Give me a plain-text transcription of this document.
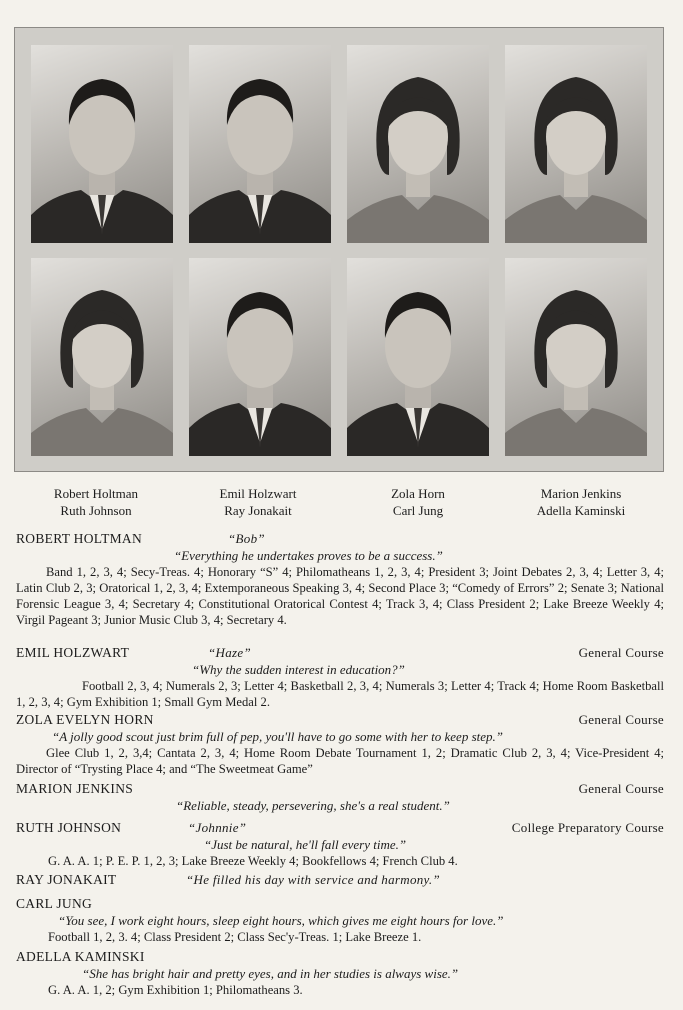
Robert Holtman	Emil Holzwart	Zola Horn	Marion Jenkins
Ruth Johnson	Ray Jonakait	Carl Jung	Adella Kaminski
ROBERT HOLTMAN	“Bob”
“Everything he undertakes proves to be a success.”

Band 1, 2, 3, 4; Secy-Treas. 4; Honorary “S” 4; Philomatheans 1, 2, 3, 4; President 3; Joint Debates 2, 3, 4; Letter 3, 4; Latin Club 2, 3; Oratorical 1, 2, 3, 4; Extemporaneous Speaking 3, 4; Second Place 3; “Comedy of Errors” 2; Senate 3; National Forensic League 3, 4; Secretary 4; Constitutional Oratorical Contest 4; Track 3, 4; Class President 2; Lake Breeze Weekly 4; Virgil Pageant 3; Junior Music Club 3, 4; Secretary 4.

EMIL HOLZWART	“Haze”	General Course
“Why the sudden interest in education?”

Football 2, 3, 4; Numerals 2, 3; Letter 4; Basketball 2, 3, 4; Numerals 3; Letter 4; Track 4; Home Room Basketball 1, 2, 3, 4; Gym Exhibition 1; Small Gym Medal 2.

ZOLA EVELYN HORN	General Course
“A jolly good scout just brim full of pep, you'll have to go some with her to keep step.”

Glee Club 1, 2, 3,4; Cantata 2, 3, 4; Home Room Debate Tournament 1, 2; Dramatic Club 2, 3, 4; Vice-President 4; Director of “Trysting Place 4; and “The Sweetmeat Game”

MARION JENKINS	General Course
“Reliable, steady, persevering, she's a real student.”
RUTH JOHNSON	“Johnnie”	College Preparatory Course
“Just be natural, he'll fall every time.”
G. A. A. 1; P. E. P. 1, 2, 3; Lake Breeze Weekly 4; Bookfellows 4; French Club 4.
RAY JONAKAIT	“He filled his day with service and harmony.”
CARL JUNG
“You see, I work eight hours, sleep eight hours, which gives me eight hours for love.”
Football 1, 2, 3. 4; Class President 2; Class Sec'y-Treas. 1; Lake Breeze 1.
ADELLA KAMINSKI
“She has bright hair and pretty eyes, and in her studies is always wise.”
G. A. A. 1, 2; Gym Exhibition 1; Philomatheans 3.
